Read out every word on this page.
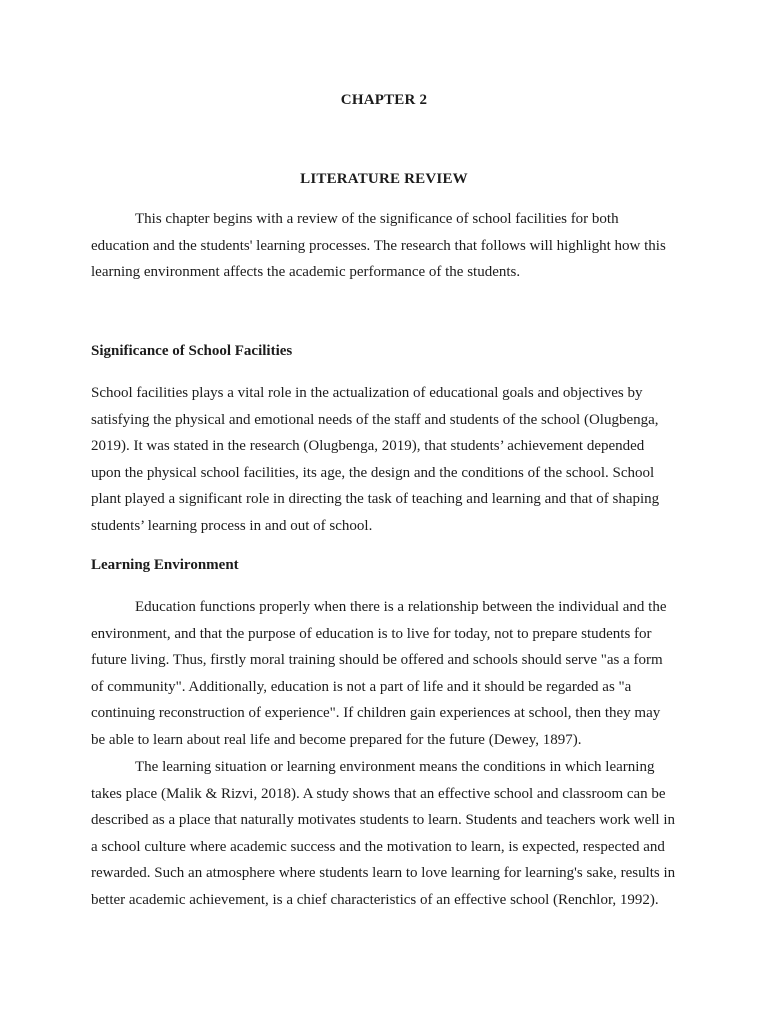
CHAPTER 2
LITERATURE REVIEW
This chapter begins with a review of the significance of school facilities for both
education and the students' learning processes. The research that follows will highlight how this
learning environment affects the academic performance of the students.
Significance of School Facilities
School facilities plays a vital role in the actualization of educational goals and objectives by
satisfying the physical and emotional needs of the staff and students of the school (Olugbenga,
2019). It was stated in the research (Olugbenga, 2019), that students’ achievement depended
upon the physical school facilities, its age, the design and the conditions of the school. School
plant played a significant role in directing the task of teaching and learning and that of shaping
students’ learning process in and out of school.
Learning Environment
Education functions properly when there is a relationship between the individual and the
environment, and that the purpose of education is to live for today, not to prepare students for
future living. Thus, firstly moral training should be offered and schools should serve "as a form
of community". Additionally, education is not a part of life and it should be regarded as "a
continuing reconstruction of experience". If children gain experiences at school, then they may
be able to learn about real life and become prepared for the future (Dewey, 1897).
The learning situation or learning environment means the conditions in which learning
takes place (Malik & Rizvi, 2018). A study shows that an effective school and classroom can be
described as a place that naturally motivates students to learn. Students and teachers work well in
a school culture where academic success and the motivation to learn, is expected, respected and
rewarded. Such an atmosphere where students learn to love learning for learning's sake, results in
better academic achievement, is a chief characteristics of an effective school (Renchlor, 1992).
